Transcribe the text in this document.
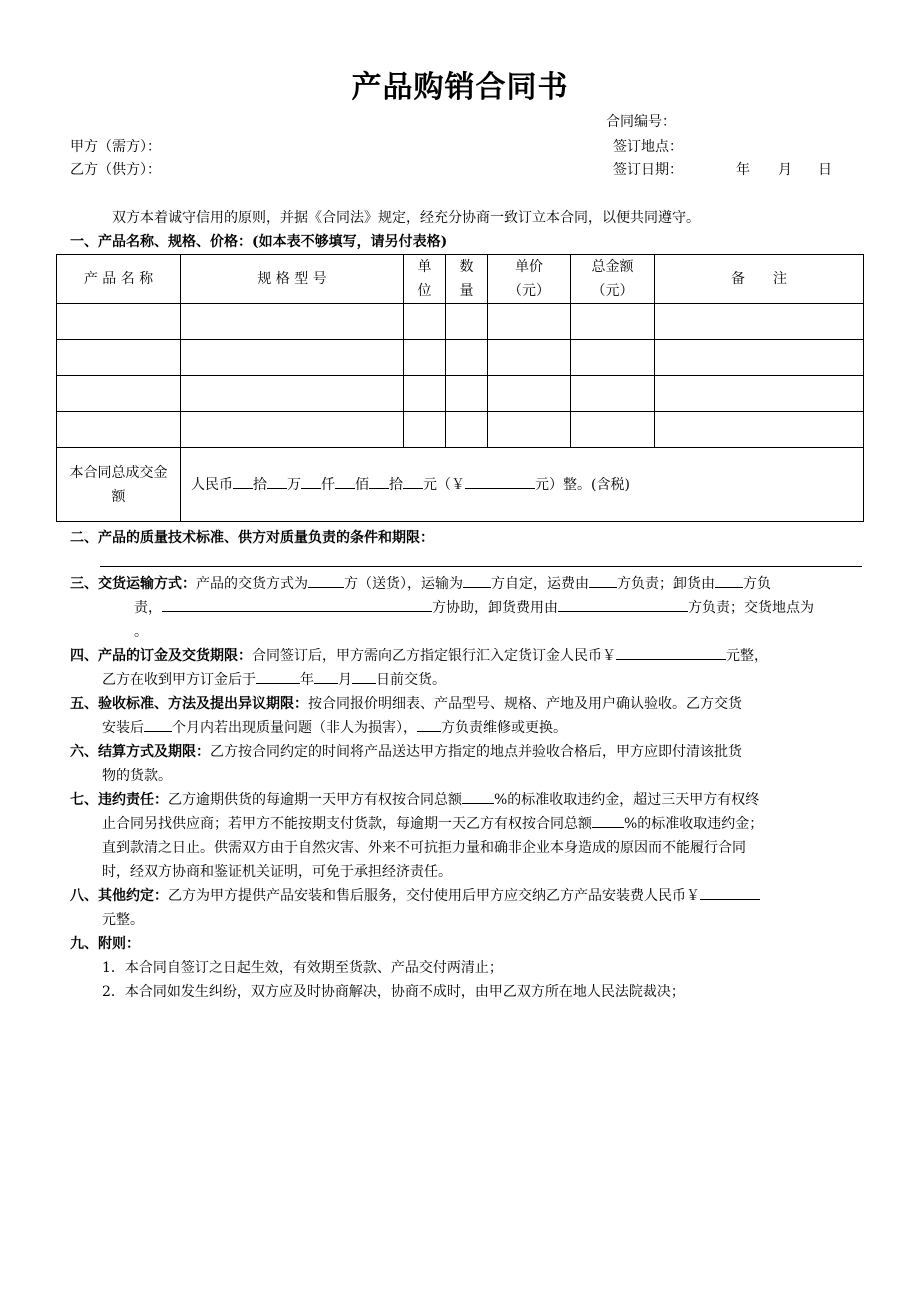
产品购销合同书
合同编号：
甲方（需方）：	签订地点：
乙方（供方）：	签订日期：	年 月 日
双方本着诚守信用的原则，并据《合同法》规定，经充分协商一致订立本合同，以便共同遵守。
一、产品名称、规格、价格：(如本表不够填写，请另付表格)
产 品 名 称	规 格 型 号	单位	数量	单价（元）	总金额（元）	备　　注

本合同总成交金额	人民币 拾 万 仟 佰 拾 元（￥ 元）整。(含税)					
二、产品的质量技术标准、供方对质量负责的条件和期限：
三、交货运输方式：产品的交货方式为	方（送货），运输为 方自定，运费由 方负责；卸货由 方负
责，	方协助，卸货费用由	方负责；交货地点为
。
四、产品的订金及交货期限：合同签订后，甲方需向乙方指定银行汇入定货订金人民币￥	元整，
乙方在收到甲方订金后于	年 月 日前交货。
五、验收标准、方法及提出异议期限：按合同报价明细表、产品型号、规格、产地及用户确认验收。乙方交货
安装后 个月内若出现质量问题（非人为损害）， 方负责维修或更换。
六、结算方式及期限：乙方按合同约定的时间将产品送达甲方指定的地点并验收合格后，甲方应即付清该批货
物的货款。
七、违约责任：乙方逾期供货的每逾期一天甲方有权按合同总额 %的标准收取违约金，超过三天甲方有权终
止合同另找供应商；若甲方不能按期支付货款，每逾期一天乙方有权按合同总额 %的标准收取违约金；
直到款清之日止。供需双方由于自然灾害、外来不可抗拒力量和确非企业本身造成的原因而不能履行合同
时，经双方协商和鉴证机关证明，可免于承担经济责任。
八、其他约定：乙方为甲方提供产品安装和售后服务，交付使用后甲方应交纳乙方产品安装费人民币￥
元整。
九、附则：
1．本合同自签订之日起生效，有效期至货款、产品交付两清止；
2．本合同如发生纠纷，双方应及时协商解决，协商不成时，由甲乙双方所在地人民法院裁决；
